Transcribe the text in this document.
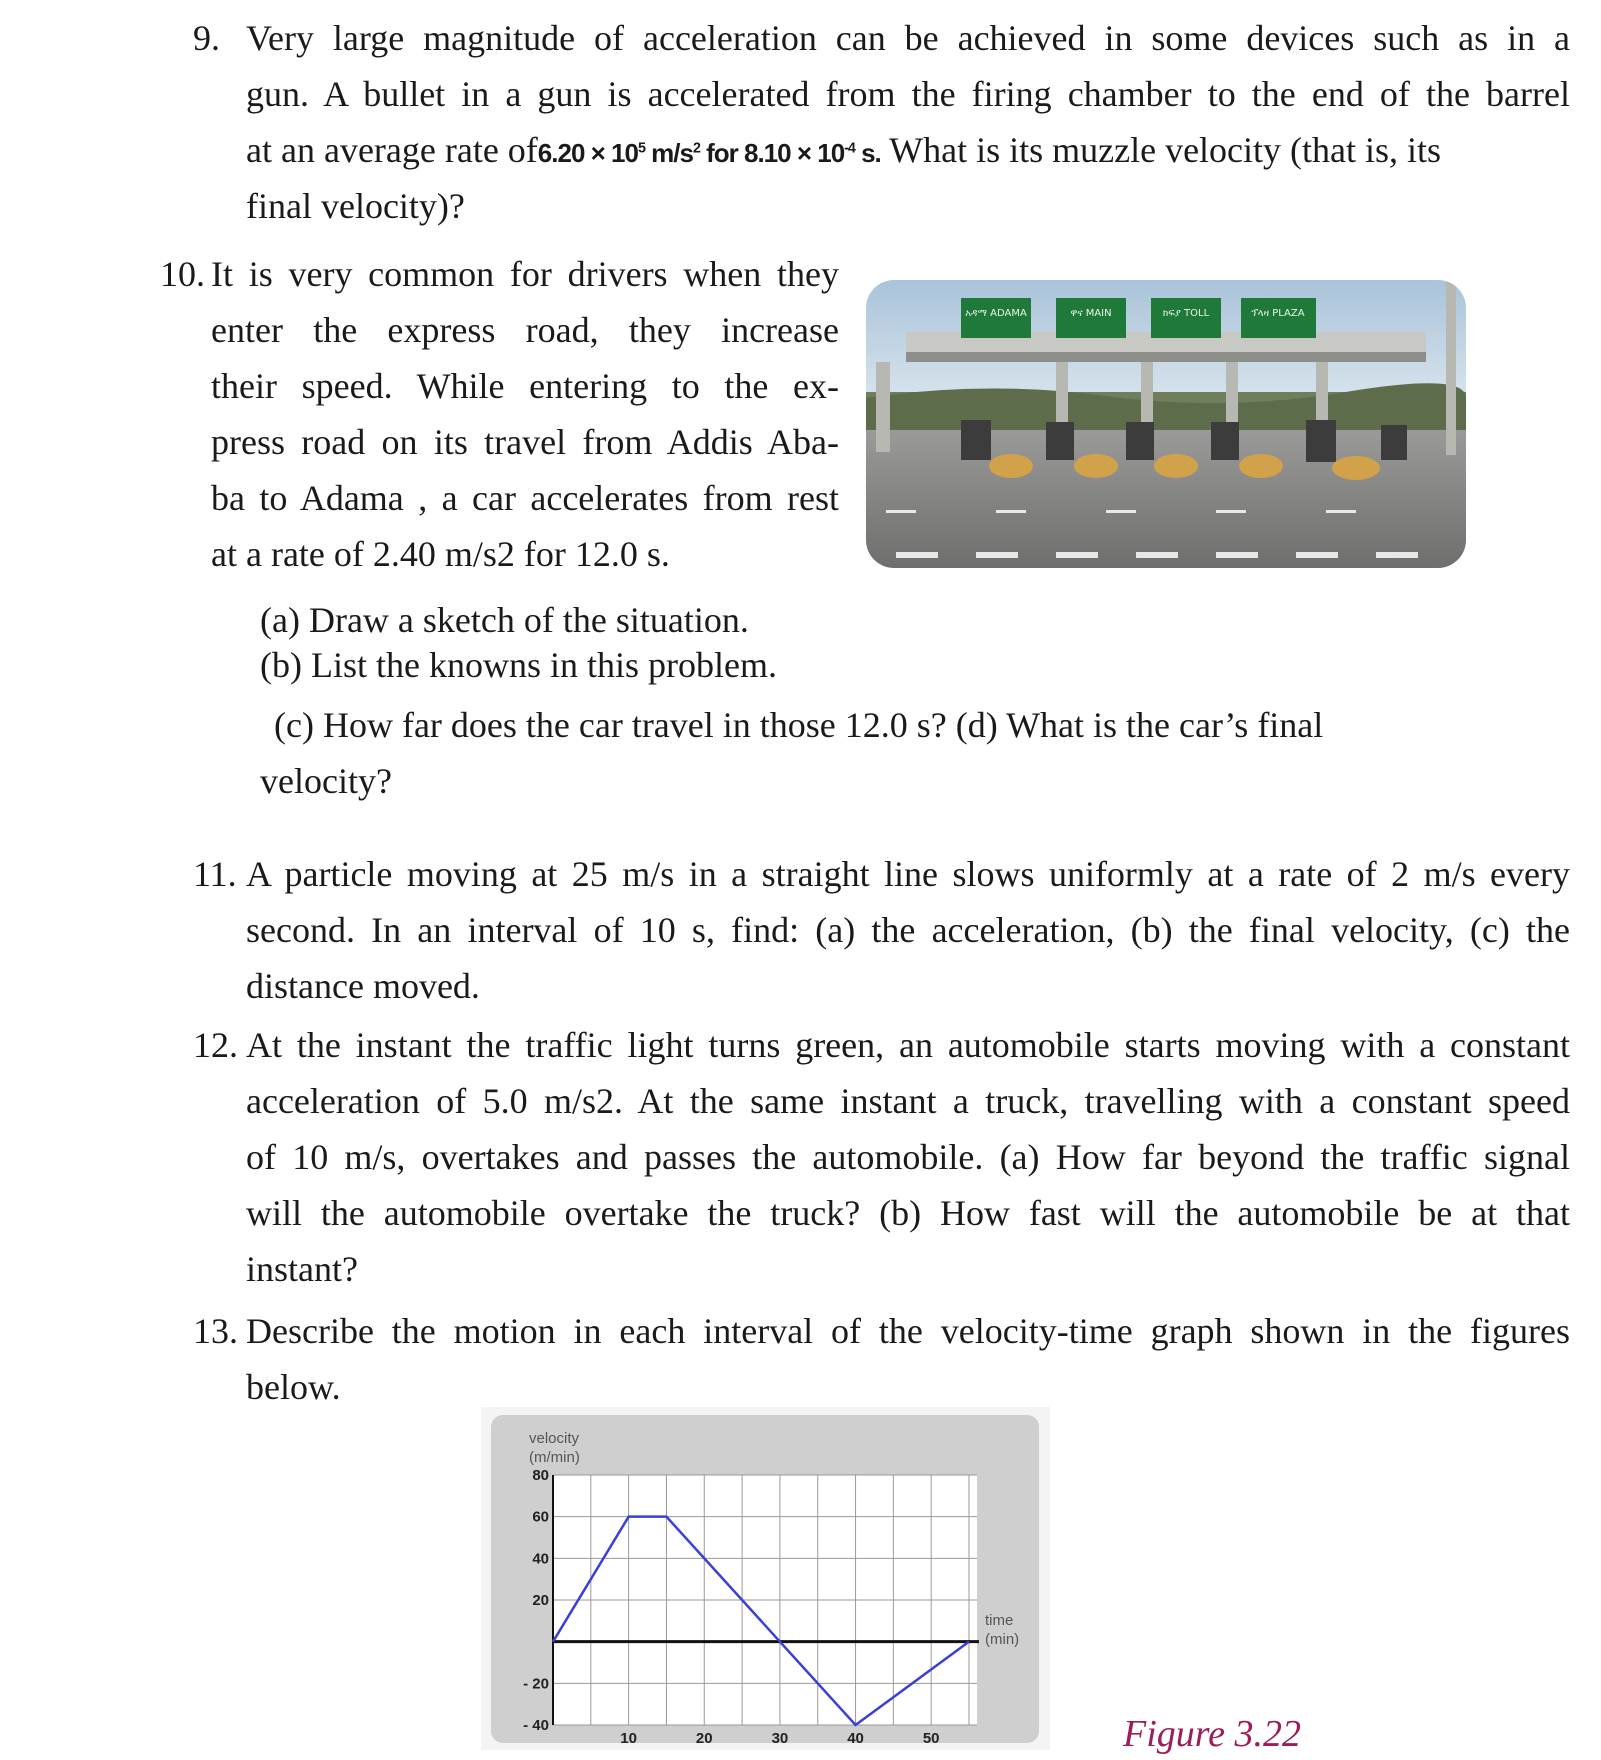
9. Very large magnitude of acceleration can be achieved in some devices such as in a
gun. A bullet in a gun is accelerated from the firing chamber to the end of the barrel
at an average rate $of6.20 \times 10^5$ $m/s^2$ for $8.10 \times 10^{-4}$ s. What is its muzzle velocity (that is, its
final velocity)?
10. It is very common for drivers when they
enter the express road, they increase
their speed. While entering to the ex-
press road on its travel from Addis Aba-
ba to Adama , a car accelerates from rest
at a rate of 2.40 m/s2 for 12.0 s.
(a) Draw a sketch of the situation.
(b) List the knowns in this problem.
(c) How far does the car travel in those 12.0 s? (d) What is the car’s final
velocity?
አዳማ ADAMA	ዋና MAIN	ክፍያ TOLL	ፕላዛ PLAZA
11. A particle moving at 25 m/s in a straight line slows uniformly at a rate of 2 m/s every
second. In an interval of 10 s, find: (a) the acceleration, (b) the final velocity, (c) the
distance moved.
12. At the instant the traffic light turns green, an automobile starts moving with a constant
acceleration of 5.0 m/s2. At the same instant a truck, travelling with a constant speed
of 10 m/s, overtakes and passes the automobile. (a) How far beyond the traffic signal
will the automobile overtake the truck? (b) How fast will the automobile be at that
instant?
13. Describe the motion in each interval of the velocity-time graph shown in the figures
below.
10	20	30	40	50
80
60
40
20
- 20
- 40
velocity
(m/min)
time
(min)
Figure 3.22
